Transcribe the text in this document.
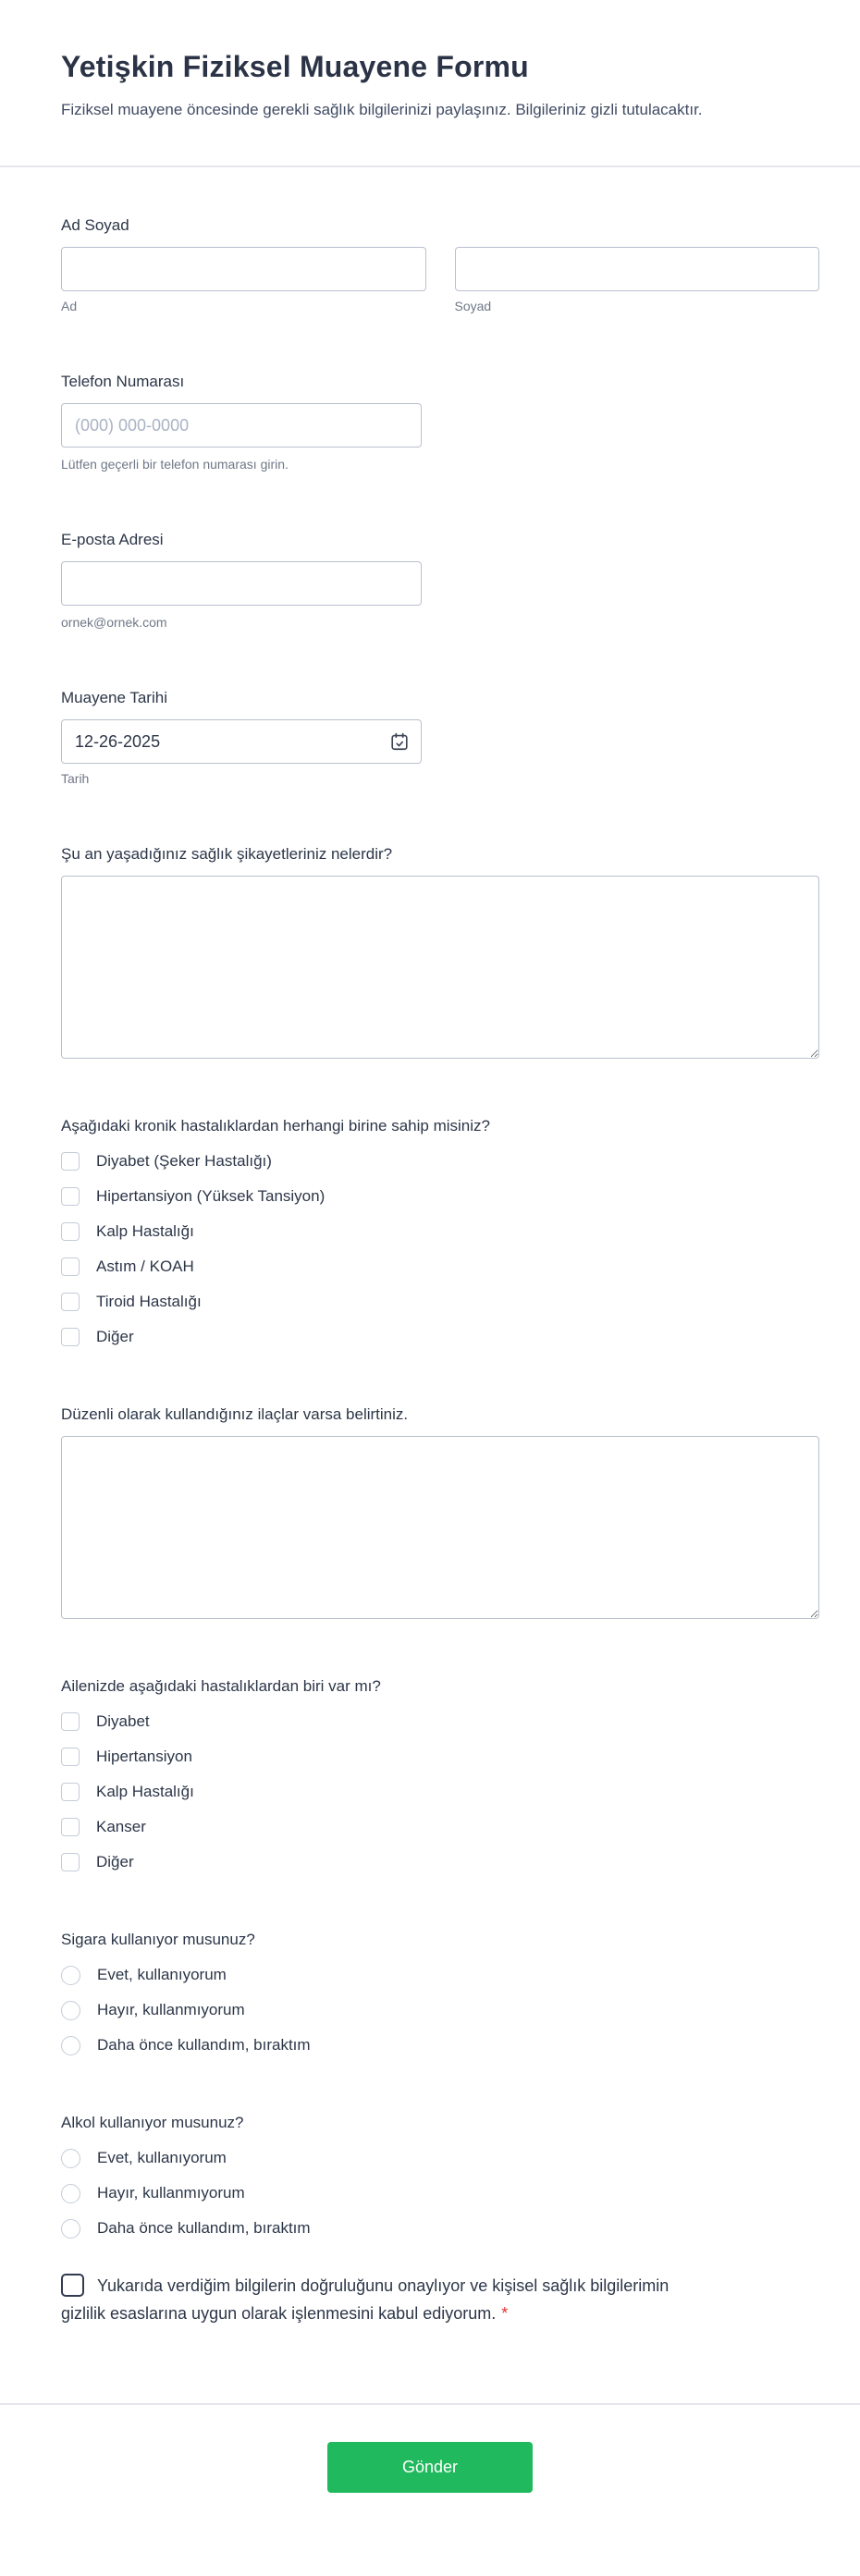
Yetişkin Fiziksel Muayene Formu
Fiziksel muayene öncesinde gerekli sağlık bilgilerinizi paylaşınız. Bilgileriniz gizli tutulacaktır.
Ad Soyad
Ad	Soyad
Telefon Numarası
(000) 000-0000
Lütfen geçerli bir telefon numarası girin.
E-posta Adresi
ornek@ornek.com
Muayene Tarihi
12-26-2025
Tarih
Şu an yaşadığınız sağlık şikayetleriniz nelerdir?
Aşağıdaki kronik hastalıklardan herhangi birine sahip misiniz?
Diyabet (Şeker Hastalığı)
Hipertansiyon (Yüksek Tansiyon)
Kalp Hastalığı
Astım / KOAH
Tiroid Hastalığı
Diğer
Düzenli olarak kullandığınız ilaçlar varsa belirtiniz.
Ailenizde aşağıdaki hastalıklardan biri var mı?
Diyabet
Hipertansiyon
Kalp Hastalığı
Kanser
Diğer
Sigara kullanıyor musunuz?
Evet, kullanıyorum
Hayır, kullanmıyorum
Daha önce kullandım, bıraktım
Alkol kullanıyor musunuz?
Evet, kullanıyorum
Hayır, kullanmıyorum
Daha önce kullandım, bıraktım
Yukarıda verdiğim bilgilerin doğruluğunu onaylıyor ve kişisel sağlık bilgilerimin gizlilik esaslarına uygun olarak işlenmesini kabul ediyorum. *
Gönder
